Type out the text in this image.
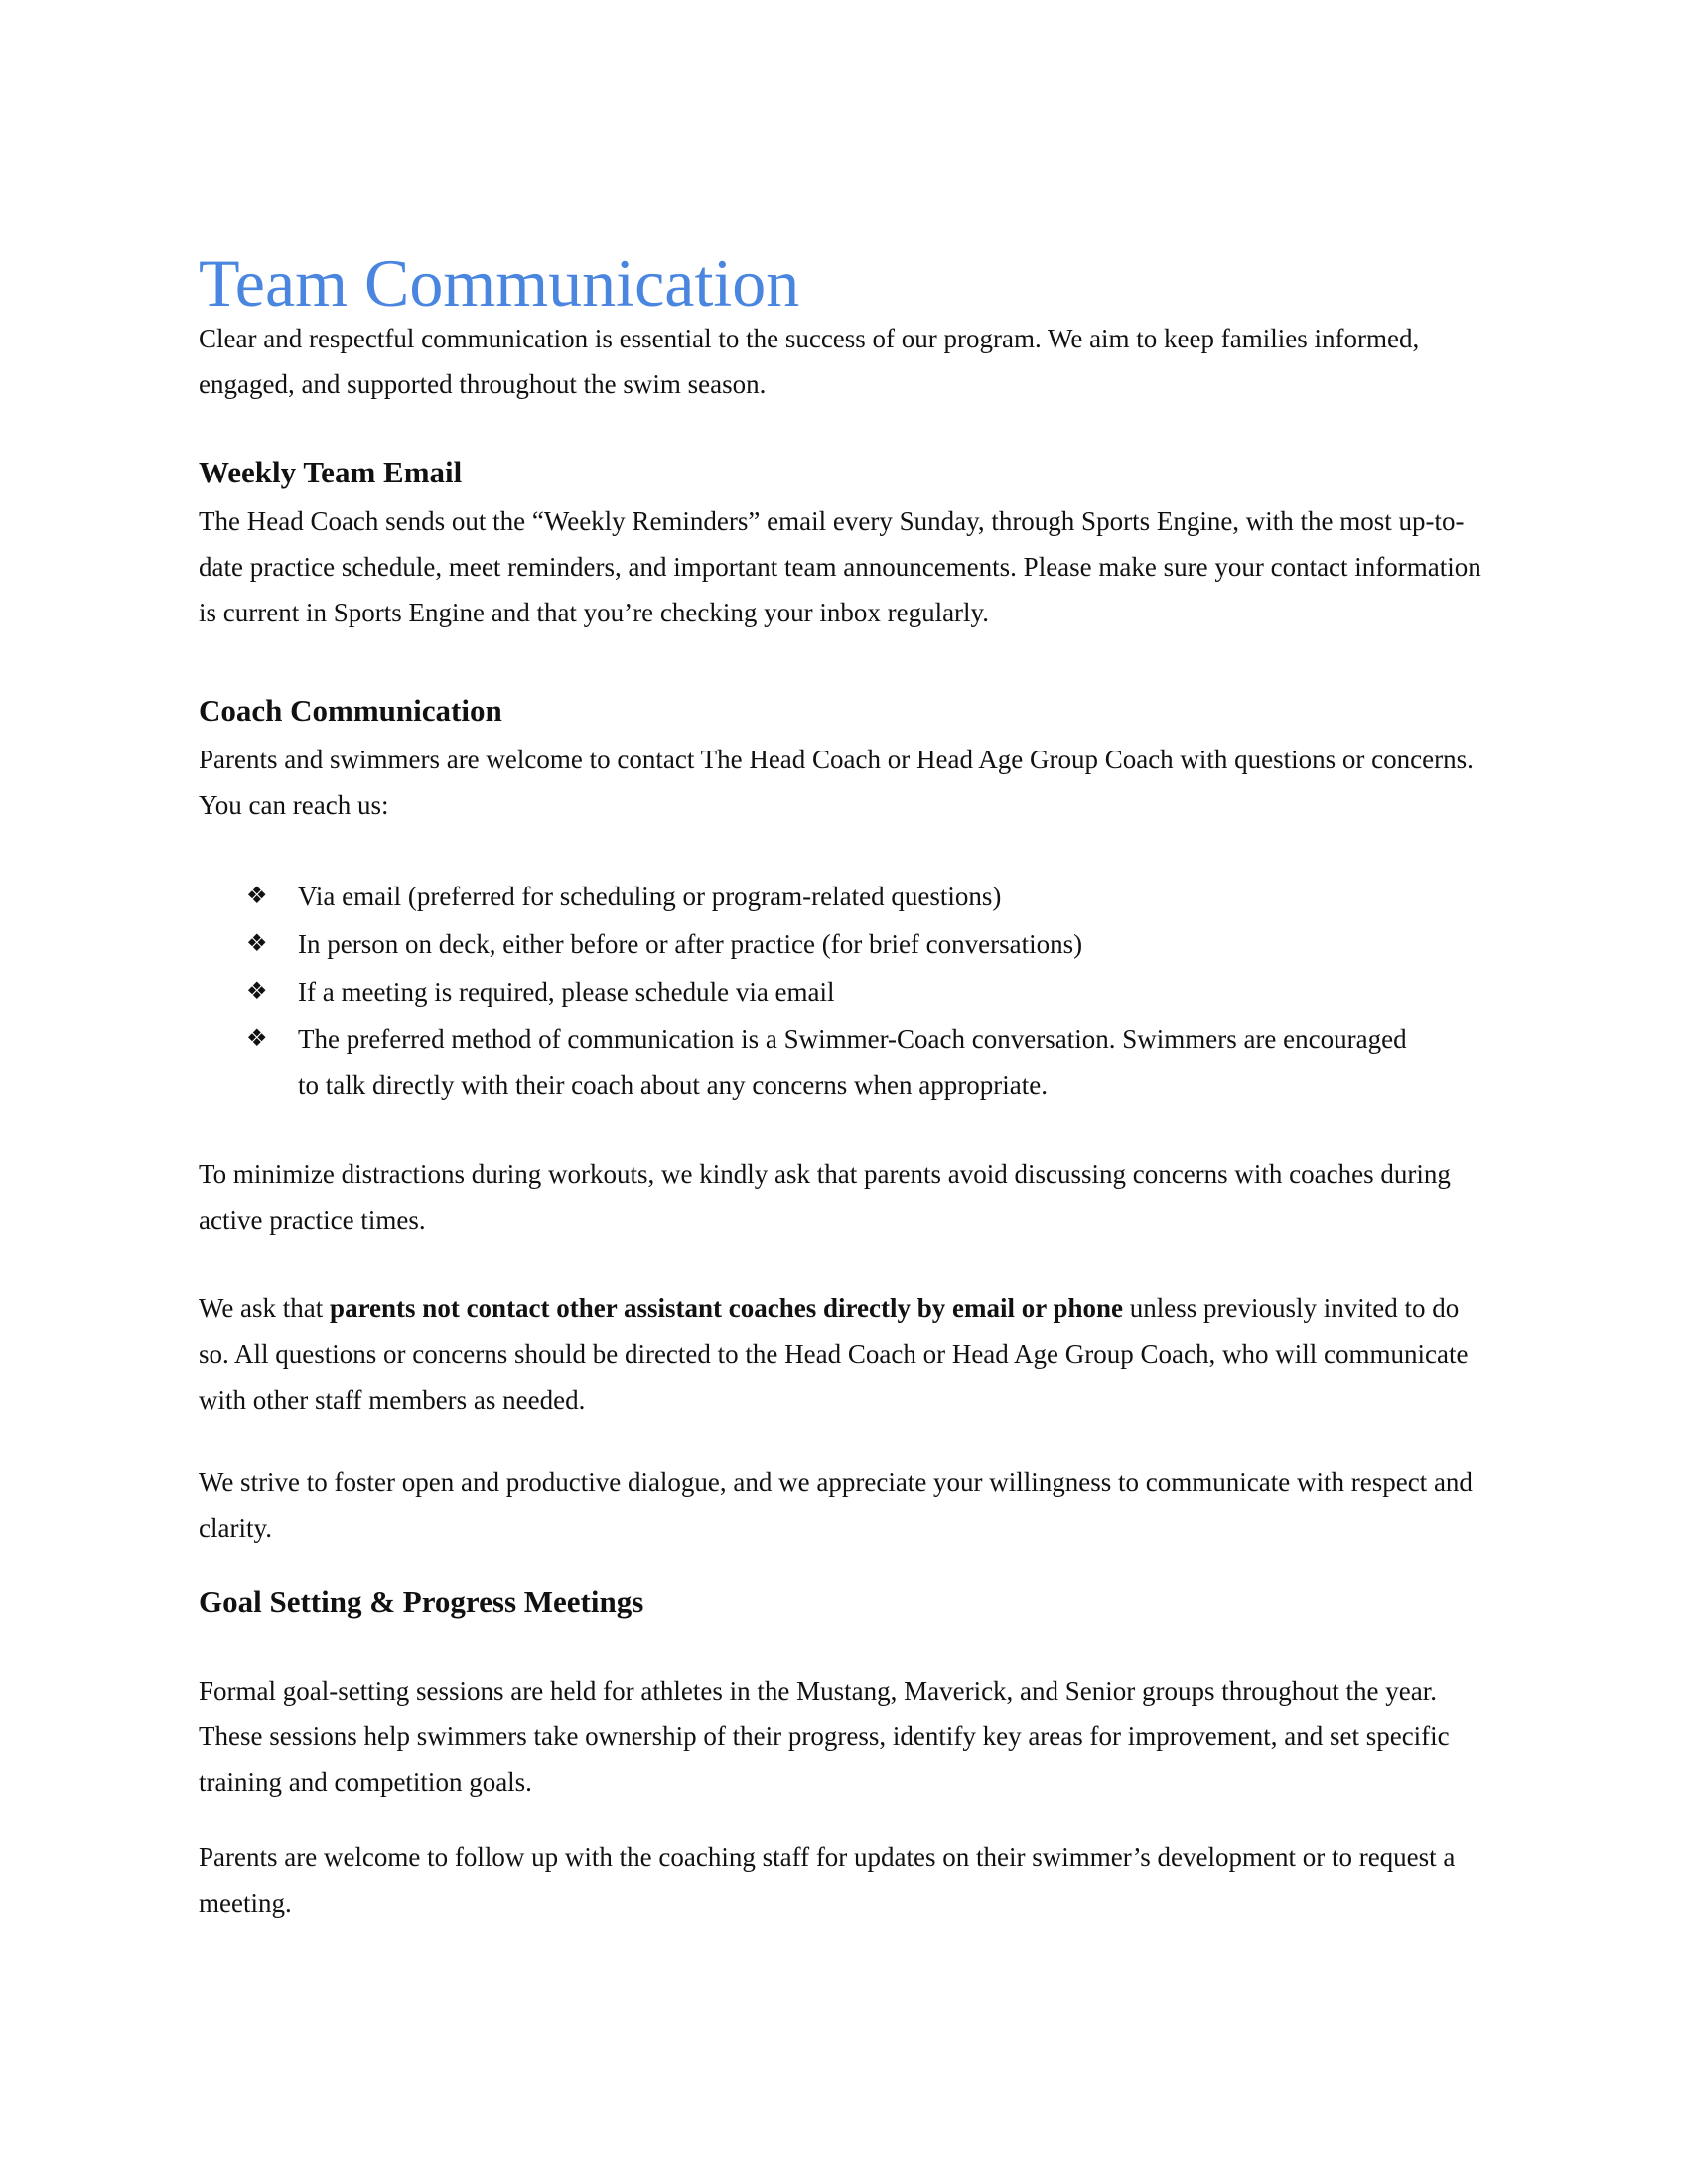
Team Communication

Clear and respectful communication is essential to the success of our program. We aim to keep families informed, engaged, and supported throughout the swim season.

Weekly Team Email

The Head Coach sends out the “Weekly Reminders” email every Sunday, through Sports Engine, with the most up-to-date practice schedule, meet reminders, and important team announcements. Please make sure your contact information is current in Sports Engine and that you’re checking your inbox regularly.

Coach Communication

Parents and swimmers are welcome to contact The Head Coach or Head Age Group Coach with questions or concerns. You can reach us:

❖ Via email (preferred for scheduling or program-related questions)
❖ In person on deck, either before or after practice (for brief conversations)
❖ If a meeting is required, please schedule via email
❖ The preferred method of communication is a Swimmer-Coach conversation. Swimmers are encouraged to talk directly with their coach about any concerns when appropriate.

To minimize distractions during workouts, we kindly ask that parents avoid discussing concerns with coaches during active practice times.

We ask that parents not contact other assistant coaches directly by email or phone unless previously invited to do so. All questions or concerns should be directed to the Head Coach or Head Age Group Coach, who will communicate with other staff members as needed.

We strive to foster open and productive dialogue, and we appreciate your willingness to communicate with respect and clarity.

Goal Setting & Progress Meetings

Formal goal-setting sessions are held for athletes in the Mustang, Maverick, and Senior groups throughout the year. These sessions help swimmers take ownership of their progress, identify key areas for improvement, and set specific training and competition goals.

Parents are welcome to follow up with the coaching staff for updates on their swimmer’s development or to request a meeting.
